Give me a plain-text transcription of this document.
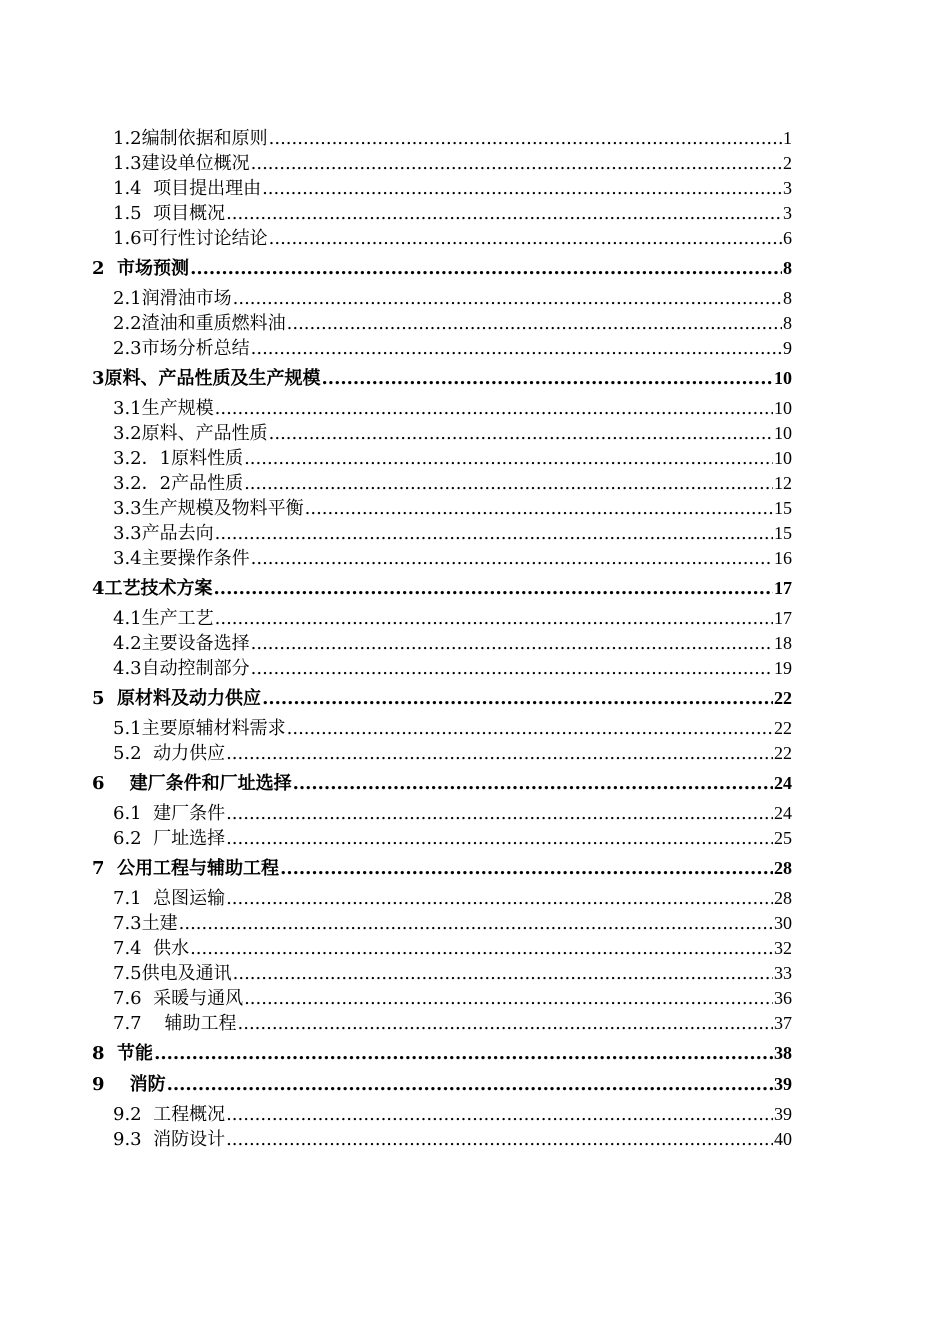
1.2编制依据和原则 .....	1
1.3建设单位概况 .....	2
1.4  项目提出理由 .....	3
1.5  项目概况 .....	3
1.6可行性讨论结论 .....	6
2  市场预测 .....	8
2.1润滑油市场 .....	8
2.2渣油和重质燃料油 .....	8
2.3市场分析总结 .....	9
3原料、产品性质及生产规模 .....	10
3.1生产规模 .....	10
3.2原料、产品性质 .....	10
3.2．1原料性质 .....	10
3.2．2产品性质 .....	12
3.3生产规模及物料平衡 .....	15
3.3产品去向 .....	15
3.4主要操作条件 .....	16
4工艺技术方案 .....	17
4.1生产工艺 .....	17
4.2主要设备选择 .....	18
4.3自动控制部分 .....	19
5  原材料及动力供应 .....	22
5.1主要原辅材料需求 .....	22
5.2  动力供应 .....	22
6    建厂条件和厂址选择 .....	24
6.1  建厂条件 .....	24
6.2  厂址选择 .....	25
7  公用工程与辅助工程 .....	28
7.1  总图运输 .....	28
7.3土建 .....	30
7.4  供水 .....	32
7.5供电及通讯 .....	33
7.6  采暖与通风 .....	36
7.7    辅助工程 .....	37
8  节能 .....	38
9    消防 .....	39
9.2  工程概况 .....	39
9.3  消防设计 .....	40
